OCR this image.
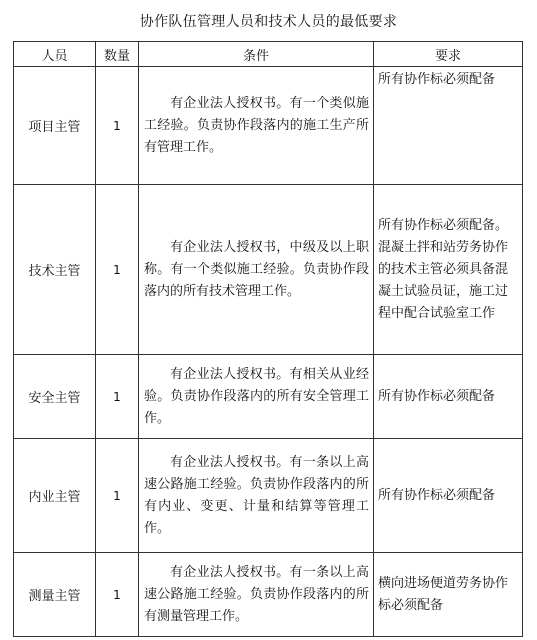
协作队伍管理人员和技术人员的最低要求
人员	数量	条件	要求
项目主管	1	有企业法人授权书。有一个类似施工经验。负责协作段落内的施工生产所有管理工作。	所有协作标必须配备
技术主管	1	有企业法人授权书，中级及以上职称。有一个类似施工经验。负责协作段落内的所有技术管理工作。	所有协作标必须配备。混凝土拌和站劳务协作的技术主管必须具备混凝土试验员证，施工过程中配合试验室工作
安全主管	1	有企业法人授权书。有相关从业经验。负责协作段落内的所有安全管理工作。	所有协作标必须配备
内业主管	1	有企业法人授权书。有一条以上高速公路施工经验。负责协作段落内的所有内业、变更、计量和结算等管理工作。	所有协作标必须配备
测量主管	1	有企业法人授权书。有一条以上高速公路施工经验。负责协作段落内的所有测量管理工作。	横向进场便道劳务协作标必须配备
